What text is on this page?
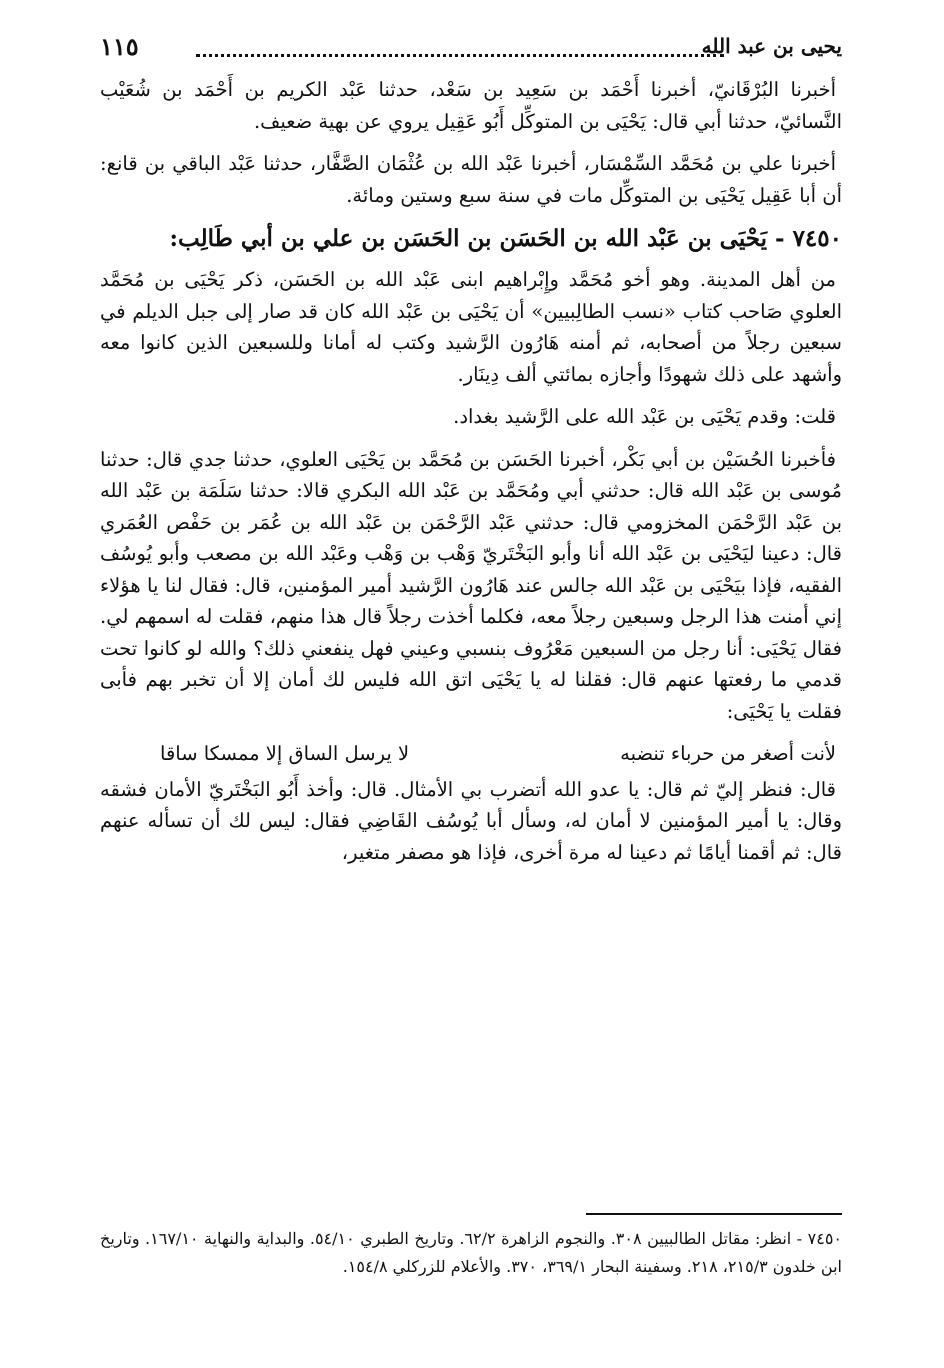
يحيى بن عبد الله
١١٥

أخبرنا البُرْقَانيّ، أخبرنا أَحْمَد بن سَعِيد بن سَعْد، حدثنا عَبْد الكريم بن أَحْمَد بن شُعَيْب النَّسائيّ، حدثنا أبي قال: يَحْيَى بن المتوكِّل أَبُو عَقِيل يروي عن بهية ضعيف.

أخبرنا علي بن مُحَمَّد السِّمْسَار، أخبرنا عَبْد الله بن عُثْمَان الصَّفَّار، حدثنا عَبْد الباقي بن قانع: أن أبا عَقِيل يَحْيَى بن المتوكِّل مات في سنة سبع وستين ومائة.

٧٤٥٠ - يَحْيَى بن عَبْد الله بن الحَسَن بن الحَسَن بن علي بن أبي طَالِب:

من أهل المدينة. وهو أخو مُحَمَّد وإِبْراهيم ابنى عَبْد الله بن الحَسَن، ذكر يَحْيَى بن مُحَمَّد العلوي صَاحب كتاب «نسب الطالِبيين» أن يَحْيَى بن عَبْد الله كان قد صار إلى جبل الديلم في سبعين رجلاً من أصحابه، ثم أمنه هَارُون الرَّشيد وكتب له أمانا وللسبعين الذين كانوا معه وأشهد على ذلك شهودًا وأجازه بمائتي ألف دِينَار.

قلت: وقدم يَحْيَى بن عَبْد الله على الرَّشيد بغداد.

فأخبرنا الحُسَيْن بن أبي بَكْر، أخبرنا الحَسَن بن مُحَمَّد بن يَحْيَى العلوي، حدثنا جدي قال: حدثنا مُوسى بن عَبْد الله قال: حدثني أبي ومُحَمَّد بن عَبْد الله البكري قالا: حدثنا سَلَمَة بن عَبْد الله بن عَبْد الرَّحْمَن المخزومي قال: حدثني عَبْد الرَّحْمَن بن عَبْد الله بن عُمَر بن حَفْص العُمَري قال: دعينا ليَحْيَى بن عَبْد الله أنا وأبو البَخْتَريّ وَهْب بن وَهْب وعَبْد الله بن مصعب وأبو يُوسُف الفقيه، فإذا بيَحْيَى بن عَبْد الله جالس عند هَارُون الرَّشيد أمير المؤمنين، قال: فقال لنا يا هؤلاء إني أمنت هذا الرجل وسبعين رجلاً معه، فكلما أخذت رجلاً قال هذا منهم، فقلت له اسمهم لي. فقال يَحْيَى: أنا رجل من السبعين مَعْرُوف بنسبي وعيني فهل ينفعني ذلك؟ والله لو كانوا تحت قدمي ما رفعتها عنهم قال: فقلنا له يا يَحْيَى اتق الله فليس لك أمان إلا أن تخبر بهم فأبى فقلت يا يَحْيَى:

لأنت أصغر من حرباء تنضبه
لا يرسل الساق إلا ممسكا ساقا

قال: فنظر إليّ ثم قال: يا عدو الله أتضرب بي الأمثال. قال: وأخذ أَبُو البَخْتَريّ الأمان فشقه وقال: يا أمير المؤمنين لا أمان له، وسأل أبا يُوسُف القَاضِي فقال: ليس لك أن تسأله عنهم قال: ثم أقمنا أيامًا ثم دعينا له مرة أخرى، فإذا هو مصفر متغير،

٧٤٥٠ - انظر: مقاتل الطالبيين ٣٠٨. والنجوم الزاهرة ٦٢/٢. وتاريخ الطبري ٥٤/١٠. والبداية والنهاية ١٦٧/١٠. وتاريخ ابن خلدون ٢١٥/٣، ٢١٨. وسفينة البحار ٣٦٩/١، ٣٧٠. والأعلام للزركلي ١٥٤/٨.
